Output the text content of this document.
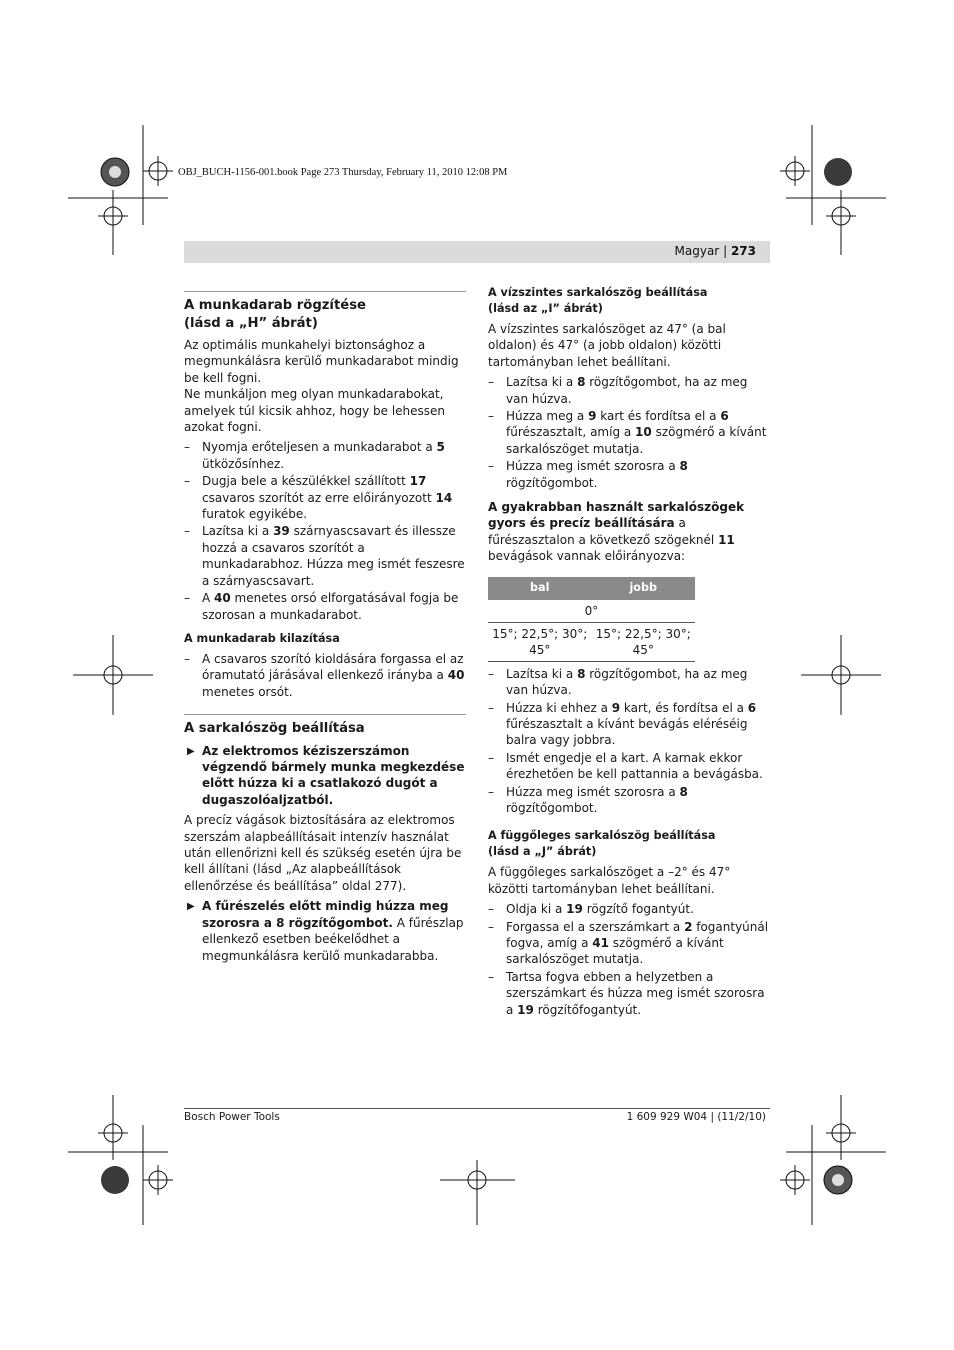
OBJ_BUCH-1156-001.book Page 273 Thursday, February 11, 2010 12:08 PM
Magyar | 273
A munkadarab rögzítése
(lásd a „H” ábrát)

Az optimális munkahelyi biztonsághoz a megmunkálásra kerülő munkadarabot mindig be kell fogni.

Ne munkáljon meg olyan munkadarabokat, amelyek túl kicsik ahhoz, hogy be lehessen azokat fogni.

– Nyomja erőteljesen a munkadarabot a 5 ütközősínhez.
– Dugja bele a készülékkel szállított 17 csavaros szorítót az erre előirányozott 14 furatok egyikébe.
– Lazítsa ki a 39 szárnyascsavart és illessze hozzá a csavaros szorítót a munkadarabhoz. Húzza meg ismét feszesre a szárnyascsavart.
– A 40 menetes orsó elforgatásával fogja be szorosan a munkadarabot.
A munkadarab kilazítása
– A csavaros szorító kioldására forgassa el az óramutató járásával ellenkező irányba a 40 menetes orsót.
A sarkalószög beállítása
▶ Az elektromos kéziszerszámon végzendő bármely munka megkezdése előtt húzza ki a csatlakozó dugót a dugaszolóaljzatból.

A precíz vágások biztosítására az elektromos szerszám alapbeállításait intenzív használat után ellenőrizni kell és szükség esetén újra be kell állítani (lásd „Az alapbeállítások ellenőrzése és beállítása” oldal 277).

▶ A fűrészelés előtt mindig húzza meg szorosra a 8 rögzítőgombot. A fűrészlap ellenkező esetben beékelődhet a megmunkálásra kerülő munkadarabba.
A vízszintes sarkalószög beállítása
(lásd az „I” ábrát)

A vízszintes sarkalószöget az 47° (a bal oldalon) és 47° (a jobb oldalon) közötti tartományban lehet beállítani.

– Lazítsa ki a 8 rögzítőgombot, ha az meg van húzva.
– Húzza meg a 9 kart és fordítsa el a 6 fűrészasztalt, amíg a 10 szögmérő a kívánt sarkalószöget mutatja.
– Húzza meg ismét szorosra a 8 rögzítőgombot.

A gyakrabban használt sarkalószögek gyors és precíz beállítására a fűrészasztalon a következő szögeknél 11 bevágások vannak előirányozva:

bal	jobb
0°	
15°; 22,5°; 30°; 45°	15°; 22,5°; 30°; 45°
– Lazítsa ki a 8 rögzítőgombot, ha az meg van húzva.
– Húzza ki ehhez a 9 kart, és fordítsa el a 6 fűrészasztalt a kívánt bevágás eléréséig balra vagy jobbra.
– Ismét engedje el a kart. A karnak ekkor érezhetően be kell pattannia a bevágásba.
– Húzza meg ismét szorosra a 8 rögzítőgombot.
A függőleges sarkalószög beállítása
(lásd a „J” ábrát)

A függőleges sarkalószöget a –2° és 47° közötti tartományban lehet beállítani.

– Oldja ki a 19 rögzítő fogantyút.
– Forgassa el a szerszámkart a 2 fogantyúnál fogva, amíg a 41 szögmérő a kívánt sarkalószöget mutatja.
– Tartsa fogva ebben a helyzetben a szerszámkart és húzza meg ismét szorosra a 19 rögzítőfogantyút.
Bosch Power Tools	1 609 929 W04 | (11/2/10)
